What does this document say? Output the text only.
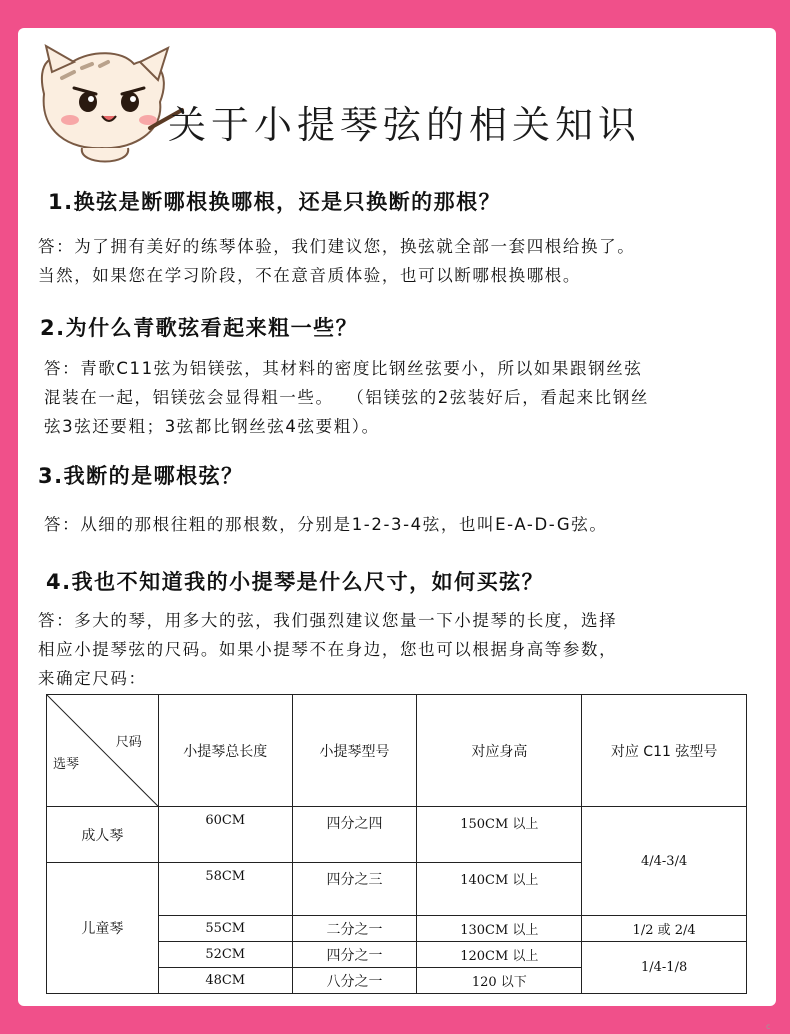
关于小提琴弦的相关知识

1.换弦是断哪根换哪根，还是只换断的那根？

答：为了拥有美好的练琴体验，我们建议您，换弦就全部一套四根给换了。
当然，如果您在学习阶段，不在意音质体验，也可以断哪根换哪根。

2.为什么青歌弦看起来粗一些？

答：青歌C11弦为铝镁弦，其材料的密度比钢丝弦要小，所以如果跟钢丝弦
混装在一起，铝镁弦会显得粗一些。  （铝镁弦的2弦装好后，看起来比钢丝
弦3弦还要粗；3弦都比钢丝弦4弦要粗）。

3.我断的是哪根弦？

答：从细的那根往粗的那根数，分别是1-2-3-4弦，也叫E-A-D-G弦。

4.我也不知道我的小提琴是什么尺寸，如何买弦？

答：多大的琴，用多大的弦，我们强烈建议您量一下小提琴的长度，选择
相应小提琴弦的尺码。如果小提琴不在身边，您也可以根据身高等参数，
来确定尺码：
尺码
选琴	小提琴总长度	小提琴型号	对应身高	对应 C11 弦型号
成人琴	60CM	四分之四	150CM 以上	4/4-3/4
儿童琴	58CM	四分之三	140CM 以上	
	55CM	二分之一	130CM 以上	1/2 或 2/4
	52CM	四分之一	120CM 以上	1/4-1/8
	48CM	八分之一	120 以下	
c
